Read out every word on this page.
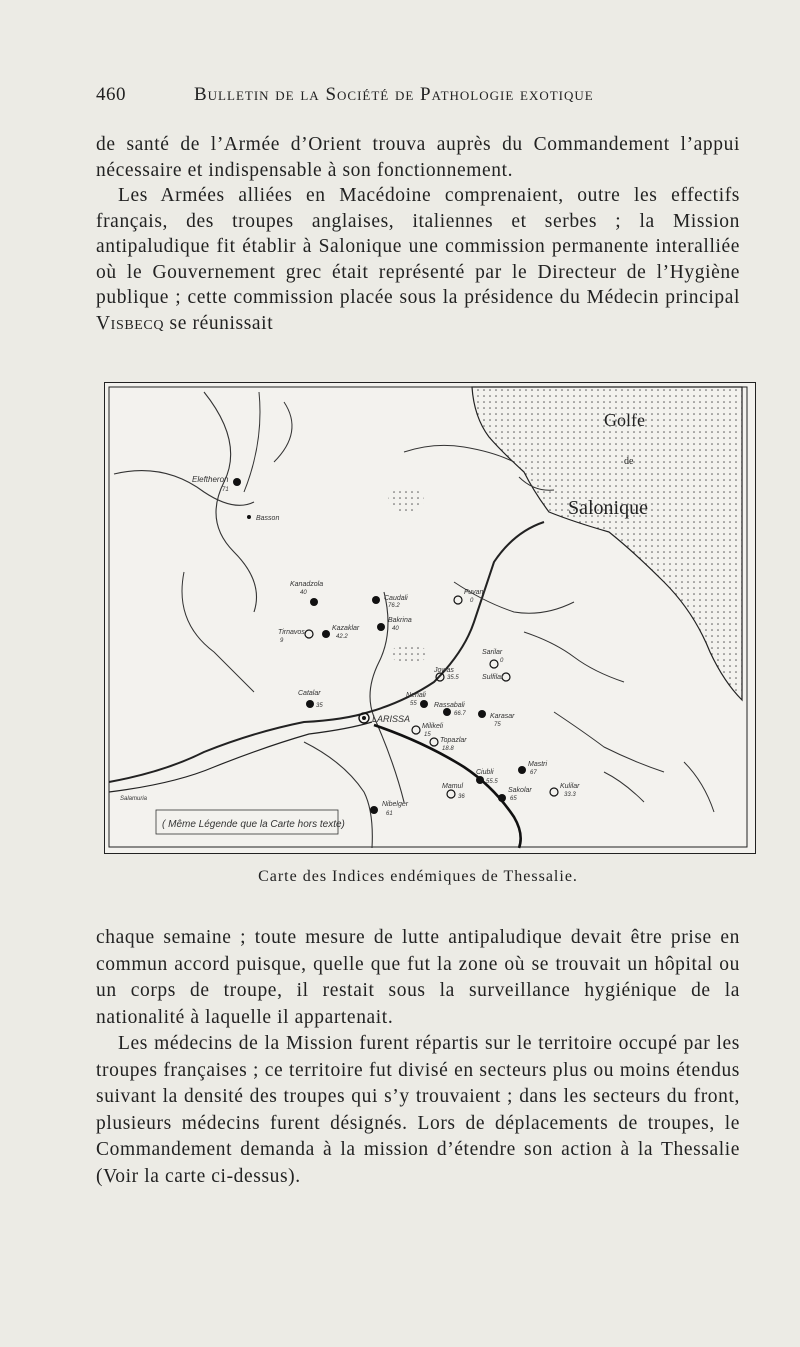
460	Bulletin de la Société de Pathologie exotique
de santé de l’Armée d’Orient trouva auprès du Commandement l’appui nécessaire et indispensable à son fonctionnement.
Les Armées alliées en Macédoine comprenaient, outre les effectifs français, des troupes anglaises, italiennes et serbes ; la Mission antipaludique fit établir à Salonique une commission permanente interalliée où le Gouvernement grec était représenté par le Directeur de l’Hygiène publique ; cette commission placée sous la présidence du Médecin principal Visbecq se réunissait
Golfe
de
Salonique
( Même Légende que la Carte hors texte)
Eleftheron
71
Basson
Kanadzola
40
Tirnavos
9
Kazaklar
42.2
Caudali
76.2
Bakrina
40
Fuvani
0
Sarilar
0
Jowas
35.5	Sulfilar
Nenali
55 Rassabali
66.7	Karasar
75
Catalar
35
Milikeli
15
Topazlar
18.8
Ciubli
55.5
Mamul
36
Sakolar
65
Mastri
67
Kulilar
33.3
Nibelger
61
Salamuria
LARISSA
Carte des Indices endémiques de Thessalie.
chaque semaine ; toute mesure de lutte antipaludique devait être prise en commun accord puisque, quelle que fut la zone où se trouvait un hôpital ou un corps de troupe, il restait sous la surveillance hygiénique de la nationalité à laquelle il appartenait.
Les médecins de la Mission furent répartis sur le territoire occupé par les troupes françaises ; ce territoire fut divisé en secteurs plus ou moins étendus suivant la densité des troupes qui s’y trouvaient ; dans les secteurs du front, plusieurs médecins furent désignés. Lors de déplacements de troupes, le Commandement demanda à la mission d’étendre son action à la Thessalie (Voir la carte ci-dessus).
